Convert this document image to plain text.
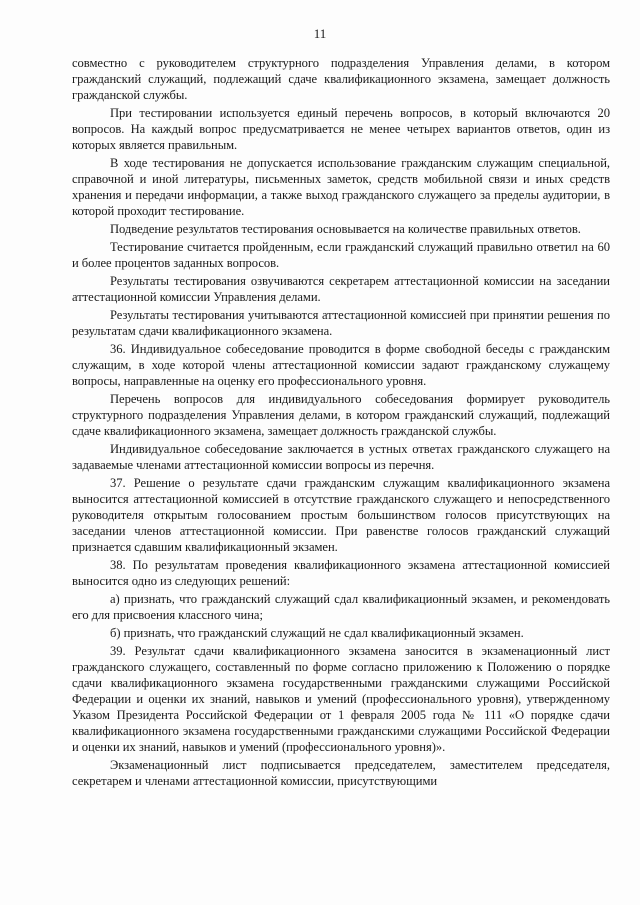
11

совместно с руководителем структурного подразделения Управления делами, в котором гражданский служащий, подлежащий сдаче квалификационного экзамена, замещает должность гражданской службы.

При тестировании используется единый перечень вопросов, в который включаются 20 вопросов. На каждый вопрос предусматривается не менее четырех вариантов ответов, один из которых является правильным.

В ходе тестирования не допускается использование гражданским служащим специальной, справочной и иной литературы, письменных заметок, средств мобильной связи и иных средств хранения и передачи информации, а также выход гражданского служащего за пределы аудитории, в которой проходит тестирование.

Подведение результатов тестирования основывается на количестве правильных ответов.

Тестирование считается пройденным, если гражданский служащий правильно ответил на 60 и более процентов заданных вопросов.

Результаты тестирования озвучиваются секретарем аттестационной комиссии на заседании аттестационной комиссии Управления делами.

Результаты тестирования учитываются аттестационной комиссией при принятии решения по результатам сдачи квалификационного экзамена.

36. Индивидуальное собеседование проводится в форме свободной беседы с гражданским служащим, в ходе которой члены аттестационной комиссии задают гражданскому служащему вопросы, направленные на оценку его профессионального уровня.

Перечень вопросов для индивидуального собеседования формирует руководитель структурного подразделения Управления делами, в котором гражданский служащий, подлежащий сдаче квалификационного экзамена, замещает должность гражданской службы.

Индивидуальное собеседование заключается в устных ответах гражданского служащего на задаваемые членами аттестационной комиссии вопросы из перечня.

37. Решение о результате сдачи гражданским служащим квалификационного экзамена выносится аттестационной комиссией в отсутствие гражданского служащего и непосредственного руководителя открытым голосованием простым большинством голосов присутствующих на заседании членов аттестационной комиссии. При равенстве голосов гражданский служащий признается сдавшим квалификационный экзамен.

38. По результатам проведения квалификационного экзамена аттестационной комиссией выносится одно из следующих решений:

а) признать, что гражданский служащий сдал квалификационный экзамен, и рекомендовать его для присвоения классного чина;

б) признать, что гражданский служащий не сдал квалификационный экзамен.

39. Результат сдачи квалификационного экзамена заносится в экзаменационный лист гражданского служащего, составленный по форме согласно приложению к Положению о порядке сдачи квалификационного экзамена государственными гражданскими служащими Российской Федерации и оценки их знаний, навыков и умений (профессионального уровня), утвержденному Указом Президента Российской Федерации от 1 февраля 2005 года № 111 «О порядке сдачи квалификационного экзамена государственными гражданскими служащими Российской Федерации и оценки их знаний, навыков и умений (профессионального уровня)».

Экзаменационный лист подписывается председателем, заместителем председателя, секретарем и членами аттестационной комиссии, присутствующими
